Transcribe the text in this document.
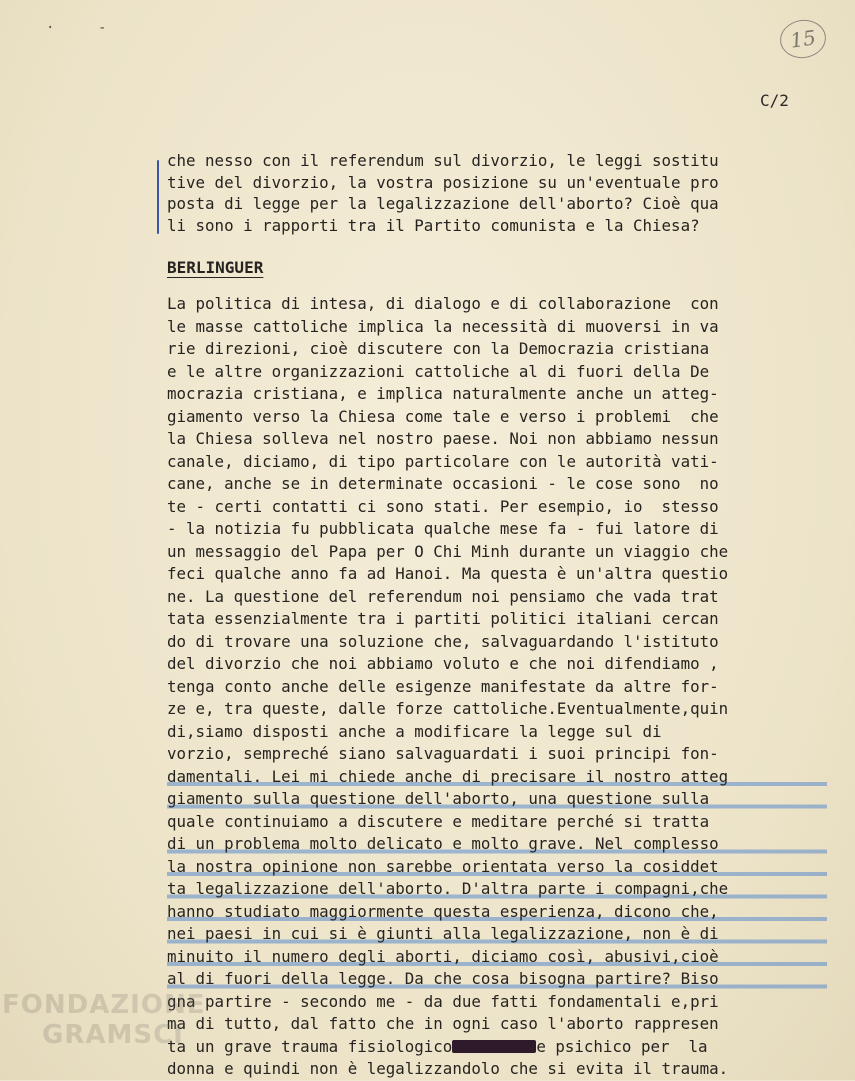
·	-	15
C/2
che nesso con il referendum sul divorzio, le leggi sostitu
tive del divorzio, la vostra posizione su un'eventuale pro
posta di legge per la legalizzazione dell'aborto? Cioè qua
li sono i rapporti tra il Partito comunista e la Chiesa?
BERLINGUER
La politica di intesa, di dialogo e di collaborazione  con
le masse cattoliche implica la necessità di muoversi in va
rie direzioni, cioè discutere con la Democrazia cristiana
e le altre organizzazioni cattoliche al di fuori della De
mocrazia cristiana, e implica naturalmente anche un atteg-
giamento verso la Chiesa come tale e verso i problemi  che
la Chiesa solleva nel nostro paese. Noi non abbiamo nessun
canale, diciamo, di tipo particolare con le autorità vati-
cane, anche se in determinate occasioni - le cose sono  no
te - certi contatti ci sono stati. Per esempio, io  stesso
- la notizia fu pubblicata qualche mese fa - fui latore di
un messaggio del Papa per O Chi Minh durante un viaggio che
feci qualche anno fa ad Hanoi. Ma questa è un'altra questio
ne. La questione del referendum noi pensiamo che vada trat
tata essenzialmente tra i partiti politici italiani cercan
do di trovare una soluzione che, salvaguardando l'istituto
del divorzio che noi abbiamo voluto e che noi difendiamo ,
tenga conto anche delle esigenze manifestate da altre for-
ze e, tra queste, dalle forze cattoliche.Eventualmente,quin
di,siamo disposti anche a modificare la legge sul di
vorzio, sempreché siano salvaguardati i suoi principi fon-
damentali. Lei mi chiede anche di precisare il nostro atteg
giamento sulla questione dell'aborto, una questione sulla
quale continuiamo a discutere e meditare perché si tratta
di un problema molto delicato e molto grave. Nel complesso
la nostra opinione non sarebbe orientata verso la cosiddet
ta legalizzazione dell'aborto. D'altra parte i compagni,che
hanno studiato maggiormente questa esperienza, dicono che,
nei paesi in cui si è giunti alla legalizzazione, non è di
minuito il numero degli aborti, diciamo così, abusivi,cioè
al di fuori della legge. Da che cosa bisogna partire? Biso
gna partire - secondo me - da due fatti fondamentali e,pri
ma di tutto, dal fatto che in ogni caso l'aborto rappresen
ta un grave trauma fisiologico	e psichico per  la
donna e quindi non è legalizzandolo che si evita il trauma.
FONDAZIONE
GRAMSCI
